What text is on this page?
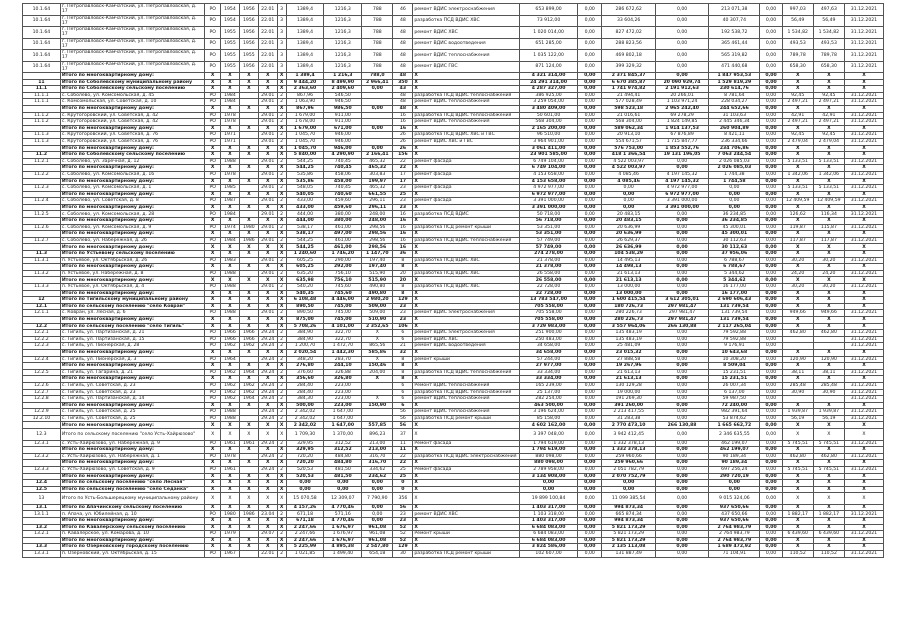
10.1.64	г. Петропавловск-Камчатский, ул. Петропавловская, д. 17	РО	1954	1956	22.01	3	1389,4	1216,3	788	46	ремонт ВДИС электроснабжения	653 899,00	0,00	286 672,62	0,00	213 071,38	0,00	997,03	497,63	31.12.2021
10.1.64	г. Петропавловск-Камчатский, ул. Петропавловская, д. 17	РО	1954	1956	22.01	3	1389,4	1216,3	788	48	разработка ПСД ВДИС ХВС	73 912,00	0,00	33 604,26	0,00	40 307,74	0,00	56,49	56,49	31.12.2021
10.1.64	г. Петропавловск-Камчатский, ул. Петропавловская, д. 17	РО	1955	1956	22.01	3	1389,4	1216,3	788	48	ремонт ВДИС ХВС	1 020 014,00	0,00	827 472,02	0,00	192 538,72	0,00	1 534,82	1 534,82	31.12.2021
10.1.64	г. Петропавловск-Камчатский, ул. Петропавловская, д. 17	РО	1955	1956	22.01	3	1389,4	1216,3	788	48	ремонт ВДИС водоотведения	651 285,00	0,00	288 823,56	0,00	365 461,44	0,00	493,53	493,53	31.12.2021
10.1.64	г. Петропавловск-Камчатский, ул. Петропавловская, д. 17	РО	1955	1955	22.01	3	1389,4	1216,3	788	48	ремонт ВДИС теплоснабжения	1 035 122,00	0,00	469 802,18	0,00	565 319,82	0,00	789,78	789,78	31.12.2021
10.1.64	г. Петропавловск-Камчатский, ул. Петропавловская, д. 17	РО	1955	1956	22.01	3	1389,4	1216,3	788	48	ремонт ВДИС ГВС	871 124,00	0,00	399 329,32	0,00	471 440,68	0,00	658,30	658,30	31.12.2021
	Итого по многоквартирному дому:	X	X	X	X	X	1 389,4	1 216,3	788,0	48	X	4 321 314,00	0,00	2 371 845,37	0,00	1 847 953,53	0,00	X	X	X
11	Итого по Соболевскому муниципальному району	X	X	X	X	X	9 444,20	8 499,90	2 966,41	350	X	24 291 314,00	0,00	6 670 385,87	20 090 929,74	1 529 819,29	0,00	X	X	X
11.1	Итого по Соболевскому сельскому поселению	X	X	X	X	X	2 363,60	2 409,60	0,00	43	X	4 287 327,00	0,00	1 741 974,82	2 191 912,63	230 614,76	0,00	X	X	X
11.1.1	с. Соболево, ул. Комсомольская, д. 45	РО	1984		29.01	2	867,96	546,50		48	разработка ПСД ВДИС теплоснабжения	386 925,00	0,00	21 494,41	20 266,01	8 781,64	0,00	92,45	92,45	31.12.2021
11.1.1	с. Комсомольская, ул. Советская, д. 10	РО	1984		29.01	2	1 063,90	946,50		48	ремонт ВДИС теплоснабжения	3 259 054,00	0,00	577 028,49	1 103 971,24	228 034,27	0,00	2 497,21	2 497,21	31.12.2021
	Итого по многоквартирному дому:	X	X	X	X	X	867,96	986,50	0,00	48	X	3 480 409,00	0,00	598 523,18	2 965 242,40	244 652,66	0,00	X	X	X
11.1.2	с. Крутогоровский, ул. Советская, д. 42	РО	1978		29.01	2	1 679,00	911,00		16	разработка ПСД ВДИС теплоснабжения	50 601,00	0,00	21 016,61	69 278,29	31 103,63	0,00	42,91	42,91	31.12.2021
11.1.2	с. Крутогоровский, ул. Советская, д. 42	РО	1978		29.01	2	1 678,00	911,00		16	ремонт ВДИС теплоснабжения	568 304,00	0,00	568 304,00	1 824 149,85	2 445 346,34	0,00	2 497,21	2 497,21	31.12.2021
	Итого по многоквартирному дому:	X	X	X	X	X	1 679,00	671,00	0,00	16	X	2 165 200,00	0,00	589 062,34	1 914 137,53	260 904,89	0,00	X	X	X
11.1.3	с. Крутогоровский, ул. Советская, д. 76	РО	1971		29.01	2	1 045,70	946,00		26	разработка ПСД ВДИС ХВС и ГВС	96 510,00	0,00	20 913,10	67 876,89	8 421,11	0,00	92,45	92,45	31.12.2021
11.1.3	с. Крутогоровский, ул. Советская, д. 76	РО	1971		29.01	2	1 045,70	946,00		26	ремонт ВДИС ХВС и ГВС	3 964 901,00	0,00	554 671,57	1 715 847,77	236 334,66	0,00	2 479,04	2 479,04	31.12.2021
	Итого по многоквартирному дому:	X	X	X	X	X	1 045,70	946,00	0,00	26	X	3 061 411,00	0,00	576 753,00	1 853 552,76	234 706,86	0,00	X	X	X
11.2	Итого по Соболевскому сельскому поселению	X	X	X	X	X	5 840,00	4 290,90	2 166,41	156	X	23 901 585,00	0,00	418 1 366,54	19 131 196,05	7 063 244,54	0,00	X	X	X
11.2.1	с. Соболево, ул. Заречная, д. 12	РО	1988		29.01	2	544,25	740,45	465,32	22	ремонт фасада	6 749 104,00	0,00	4 522 003,97	0,00	2 026 085,03	0,00	5 133,51	5 133,51	31.12.2021
	Итого по многоквартирному дому:	X	X	X	X	X	544,25	740,45	465,32	22	X	6 749 104,00	0,00	4 522 003,97	0,00	2 026 085,03	0,00	X	X	X
11.2.2	с. Соболево, ул. Комсомольская, д. 16	РО	1978		29.01	2	535,86	458,06	303,83	17	ремонт фасада	4 153 658,00	0,00	4 085,46	4 197 145,32	1 744,38	0,00	1 342,06	1 342,06	31.12.2021
	Итого по многоквартирному дому:	X	X	X	X	X	535,86	458,00	199,97	17	X	4 153 658,00	0,00	4 085,46	4 197 145,32	1 744,58	0,00	X	X	X
11.2.3	с. Соболево, ул. Комсомольская, д. 1	РО	1985		29.01	2	548,05	740,45	465,32	23	ремонт фасада	4 972 977,00	0,00	0,00	4 972 977,00	0,00	0,00	5 133,51	5 133,51	31.12.2021
	Итого по многоквартирному дому:	X	X	X	X	X	540,05	740,60	661,55	25	X	6 972 977,00	0,00	0,00	6 972 977,00	0,00	0,00	X	X	X
11.2.4	с. Соболево, ул. Советская, д. 8	РО	1987		29.01	2	433,00	459,60	296,11	23	ремонт фасада	3 391 000,00	0,00	0,00	3 391 000,00	0,00	0,00	12 409,59	12 409,59	31.12.2021
	Итого по многоквартирному дому:	X	X	X	X	X	433,00	459,60	296,11	23	X	3 391 000,00	0,00	0,00	3 391 000,00	0,00	0,00	X	X	X
11.2.5	с. Соболево, ул. Комсомольская, д. 28	РО	1984		29.01	2	444,00	380,00	248,00	16	разработка ПСД ВДИС	50 718,00	0,00	20 483,15	0,00	36 234,85	0,00	126,62	116,34	31.12.2021
	Итого по многоквартирному дому:	X	X	X	X	X	444,00	380,00	248,00	16	X	56 718,00	0,00	20 483,15	0,00	36 234,85	0,00	X	X	X
11.2.6	с. Соболево, ул. Комсомольская, д. 9	РО	1974	1980	29.01	2	538,17	461,00	298,56	16	разработка ПСД ремонт крыши	53 351,00	0,00	20 636,99	0,00	45 300,01	0,00	119,87	115,87	31.12.2021
	Итого по многоквартирному дому:	X	X	X	X	X	538,17	497,00	298,56	16	X	53 351,00	0,00	20 636,99	0,00	45 300,01	0,00	X	X	X
11.2.7	с. Соболево, ул. Набережная, д. 26	РО	1984	1986	29.01	2	544,25	461,00	298,56	16	разработка ПСД ВДИС теплоснабжения	57 749,00	0,00	26 629,37	0,00	30 112,63	0,00	117,87	117,87	31.12.2021
	Итого по многоквартирному дому:	X	X	X	X	X	544,25	461,00	298,56	16	X	57 749,00	0,00	26 636,99	0,00	30 112,63	0,00	X	X	X
11.3	Итого по Устьевому сельскому поселению	X	X	X	X	X	1 240,60	1 746,20	1 147,70	36	X	274 278,00	0,00	104 538,29	0,00	37 956,06	0,00	X	X	X
11.3.1	п. Устьевое, ул. Октябрьская, д. 26	РО	1983		29.01	2	605,25	290,00	197,40	8	разработка ПСД ВДИС ХВС	21 378,00	0,00	14 495,13	0,00	6 788,67	0,00	30,20	30,20	31.12.2021
	Итого по многоквартирному дому:	X	X	X	X	X	605,25	292,00	197,40	8	X	21 378,00	0,00	14 498,13	0,00	6 788,67	0,00	X	X	X
11.3.2	п. Устьевое, ул. Набережная, д. 8	РО	1988		29.01	2	635,20	756,10	515,90	20	разработка ПСД ВДИС ХВС	26 558,00	0,00	21 613,13	0,00	5 344,62	0,00	24,20	24,20	31.12.2021
	Итого по многоквартирному дому:	X	X	X	X	X	635,98	756,10	515,90	20	X	26 558,00	0,00	21 613,13	0,00	5 344,62	0,00	X	X	X
11.3.3	п. Устьевое, ул. Октябрьская, д. 4	РО	1988		29.01	2	540,20	745,60	490,80	8	разработка ПСД ВДИС ХВС	22 728,00	0,00	13 000,00	0,00	16 177,00	0,00	30,20	30,20	31.12.2021
	Итого по многоквартирному дому:	X	X	X	X	X	540,35	745,60	490,80	8	X	22 728,00	0,00	13 000,00	0,00	16 177,00	0,00	X	X	X
12	Итого по Тигильскому муниципальному району	X	X	X	X	X	6 108,48	4 446,00	2 980,20	129	X	13 783 547,00	0,00	1 600 415,54	3 612 305,01	2 690 606,43	0,00	X	X	X
12.1	Итого по сельскому поселению "село Ковран"	X	X	X	X	X	890,50	745,00	509,00	23	X	705 558,00	0,00	180 726,73	297 981,47	131 739,54	0,00	X	X	X
12.1.1	с. Ковран, ул. Лесная, д. 6	РО	1988		29.01	2	890,50	745,00	509,00	23	ремонт ВДИС электроснабжения	705 558,00	0,00	280 226,73	297 981,47	131 739,54	0,00	949,66	949,66	31.12.2021
	Итого по многоквартирному дому:	X	X	X	X	X	875,00	745,00	510,90	23	X	705 558,00	0,00	280 226,73	297 981,47	131 739,54	0,00	X	X	X
12.2	Итого по сельскому поселению "село Тигиль"	X	X	X	X	X	5 708,26	4 101,00	2 352,65	106	X	3 729 983,00	0,00	3 557 964,06	266 130,88	2 117 265,04	0,00	X	X	X
12.2.1	с. Тигиль, ул. Партизанская, д. 21	РО	1966	1966	29.24	2	384,90	322,70	X	6	ремонт ВДИС электроснабжения	251 900,00	0,00	135 483,19	0,00	79 592,88	0,00	462,80	462,80	31.12.2021
12.2.2	с. Тигиль, ул. Партизанская, д. 15	РО	1966	1966	29.24	2	384,90	322,70	X	6	ремонт ВДИС ХВС	250 483,00	0,00	135 483,19	0,00	79 592,88	0,00			31.12.2021
12.2.3	с. Тигиль, ул. Пионерская, д. 28	РО	1962	1962	29.24	2	1 200,70	1 472,70	865,56	21	ремонт ВДИС водоотведения	34 658,00	0,00	25 481,09	0,00	9 176,91	0,00			31.12.2021
	Итого по многоквартирному дому:	X	X	X	X	X	2 020,54	1 442,30	585,86	32	X	34 658,00	0,00	23 015,32	0,00	10 643,68	0,00	X	X	X
12.2.4	с. Тигиль, ул. Пионерская, д. 3	РО	1964		29.24	2	348,20	283,70	X	8	ремонт крыши	57 244,00	0,00	27 888,58	0,00	10 308,20	0,00	120,90	120,90	31.12.2021
	Итого по многоквартирному дому:	X	X	X	X	X	276,80	244,10	150,46	8	X	27 977,00	0,00	19 267,96	0,00	8 509,04	0,00	X	X	X
12.2.5	с. Тигиль, ул. Гагарина, д. 21	РО	1962	1964	29.24	2	376,60	326,88	204,00	8	разработка ПСД ВДИС теплоснабжения	33 334,00	0,00	21 613,13	0,00	15 231,51	0,00	38,11	38,11	31.12.2021
	Итого по многоквартирному дому:	X	X	X	X	X	356,60	326,80	X	8	X	33 334,00	0,00	21 613,13	0,00	15 231,51	0,00	X	X	X
12.2.6	с. Тигиль, ул. Советская, д. 23	РО	1962	1962	29.24	2	284,40	223,00		6	Ремонт ВДИС теплоснабжения	165 239,00	0,00	130 129,28	0,00	26 007,34	0,00	285,48	285,48	31.12.2021
12.2.7	с. Тигиль, ул. Советская, д. 23	РО	1962	1962	29.24	2	284,40	223,00		6	разработка ПСД ВДИС теплоснабжения	25 137,00	0,00	19 000,00	0,00	6 137,00	0,00	30,90	30,90	31.12.2021
12.2.8	с. Тигиль, ул. Партизанская, д. 14	РО	1962	1964	29.24	2	384,30	223,00	X	6	ремонт ВДИС теплоснабжения	282 254,00	0,00	191 269,30	0,00	59 987,50	0,00			31.12.2021
	Итого по многоквартирному дому:	X	X	X	X	X	500,00	223,00	150,90	6	X	463 500,00	0,00	391 260,00	0,00	72 240,00	0,00	X	X	X
12.2.9	с. Тигиль, ул. Советская, д. 25	РО	1988		29.24	2	2 342,02	1 647,00		56	ремонт ВДИС теплоснабжения	3 196 624,00	0,00	2 213 417,55	0,00	982 391,64	0,00	1 939,87	1 939,87	31.12.2021
12.2.10	с. Тигиль, ул. Советская, д. 25	РО	1988		29.24	2	2 342,02	1 647,00		56	разработка ПСД ремонт крыши	85 158,00	0,00	31 283,38	0,00	53 874,62	0,00	56,19	56,19	31.12.2021
	Итого по многоквартирному дому:	X	X	X	X	X	2 342,02	1 647,00	557,85	56	X	4 602 162,00	0,00	2 770 473,10	266 130,88	1 665 662,72	0,00	X	X	X
12.3	Итого по сельскому поселению "село Усть-Хайрюзово"	X	X	X	X	X	1 709,30	1 370,00	896,23	37	X	3 397 048,00	0,00	3 942 412,45	0,00	2 346 635,55	0,00	X	X	X
12.3.1	с. Усть-Хайрюзово, ул. Набережная, д. 9	РО	1961	1961	29.24	2	329,95	312,52	213,00	11	Ремонт фасада	1 794 619,00	0,00	1 332 378,13	0,00	462 199,07	0,00	5 745,51	5 745,51	31.12.2021
	Итого по многоквартирному дому:	X	X	X	X	X	329,95	312,52	213,00	11	X	1 794 619,00	0,00	1 332 378,13	0,00	462 199,07	0,00	X	X	X
12.3.2	с. Усть-Хайрюзово, ул. Набережная, д. 1	РО	1978		29.24	2	720,20	484,80	316,70	22	разработка ПСД ВДИС электроснабжения	880 098,00	0,00	259 960,66	0,00	90 189,34	0,00	462,80	462,80	31.12.2021
	Итого по многоквартирному дому:	X	X	X	X	X	720,20	484,80	316,70	22	X	880 098,00	0,00	259 960,66	0,00	90 189,34	0,00	X	X	X
12.3.3	с. Усть-Хайрюзово, ул. Советская, д. 9	РО	1961		29.24	2	520,53	481,50	334,62	25	Ремонт фасада	2 789 958,00	0,00	2 051 782,79	0,00	697 256,24	0,00	5 745,51	5 745,51	31.12.2021
	Итого по многоквартирному дому:	X	X	X	X	X	520,53	481,50	234,62	25	X	3 134 908,00	0,00	2 070 752,79	0,00	290 720,19	0,00	X	X	X
12.4	Итого по сельскому поселению "село Лесная"	X	X	X	X	X	0,00	0,00	0,00	0	X	0,00	0,00	0,00	0,00	0,00	0,00	X	X	X
12.5	Итого по сельскому поселению "село Седанка"	X	X	X	X	X	0,00	0,00	0,00	0	X	0,00	0,00	0,00	0,00	0,00	0,00	X	X	X
13	Итого по Усть-Большерецкому муниципальному району	X	X	X	X	X	15 070,58	12 309,07	7 790,90	356	X	19 899 100,84	0,00	11 099 385,54	0,00	9 015 324,06	0,00	X	X	X
13.1	Итого по Апачинскому сельскому поселению	X	X	X	X	X	4 157,26	4 770,46	0,00	56	X	1 403 317,00	0,00	994 873,34	0,00	937 650,66	0,00	X	X	X
13.1.1	п. Апача, ул. Юбилейная, д. 10	РО	1980	1986	23.04	2	671,18	571,16	0,00	23	ремонт ВДИС ХВС	1 103 318,00	0,00	665 874,34	0,00	437 650,66	0,00	1 882,17	1 882,17	31.12.2021
	Итого по многоквартирному дому:	X	X	X	X	X	671,18	4 770,46	0,00	23	X	1 403 317,00	0,00	994 873,34	0,00	937 650,66	0,00	X	X	X
13.2	Итого по Кавалерскому сельскому поселению	X	X	X	X	X	2 247,66	1 676,97	961,08	52	X	6 684 083,00	0,00	5 821 173,29	0,00	2 764 983,79	0,00	X	X	X
13.2.1	п. Кавалерское, ул. Комарова, д. 10	РО	1979		29.07	2	2 247,66	1 676,97	961,08	52	Ремонт крыши	6 684 083,00	0,00	5 821 173,29	0,00	2 764 983,79	0,00	6 439,60	6 439,60	31.12.2021
	Итого по многоквартирному дому:	X	X	X	X	X	2 247,66	1 676,97	961,08	52	X	6 684 083,00	0,00	5 821 173,29	0,00	2 764 983,79	0,00	X	X	X
13.3	Итого по Озерновскому городскому поселению	X	X	X	X	X	5 225,99	4 895,38	2 547,80	129	X	3 824 586,00	0,00	2 135 113,08	0,00	1 689 472,92	0,00	X	X	X
13.3.1	п. Озерновский, ул. Октябрьская, д. 15	РО	1967		22.01	2	1 021,85	1 499,40	654,18	30	разработка ПСД ремонт крыши	102 607,00	0,00	131 887,49	0,00	71 104,91	0,00	110,52	110,52	31.12.2021
